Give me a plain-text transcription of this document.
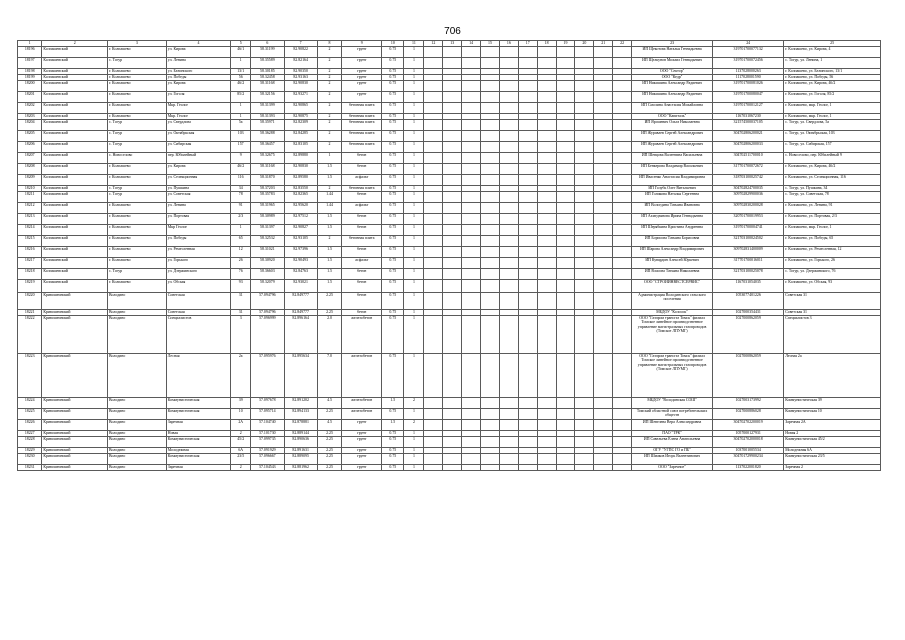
706
1	2	3	4	5	6	7	8	9	10	11	12	13	14	15	16	17	18	19	20	21	22	23	24	25
18196	Колпашевский	г. Колпашево	ул. Кирова	46/1	58.31199	82.90822	2	грунт	0.75	1												ИП Щекотова Наталья Геннадьевна	319701700077132	г. Колпашево, ул. Кирова, 4
18197	Колпашевский	с. Тогур	ул. Ленина	1	58.35589	82.82164	2	грунт	0.75	1												ИП Щелкунов Михаил Геннадьевич	319701700072456	с. Тогур, ул. Ленина, 1
18198	Колпашевский	г. Колпашево	ул. Белинского	13/1	58.30185	82.90350	2	грунт	0.75	1												ООО "Сектор"	1137028000263	г. Колпашево, ул. Белинского, 13/1
18199	Колпашевский	г. Колпашево	ул. Победы	56	58.32458	82.93163	2	грунт	0.75	1												ООО "Кедр"	1117028001590	г. Колпашево, ул. Победы, 56
18200	Колпашевский	г. Колпашево	ул. Кирова	46/2	58.31168	82.90830	2	грунт	0.75	1												ИП Никишина Александр Радиевич	319701700081026	г. Колпашево, ул. Кирова, 46/2
18201	Колпашевский	г. Колпашево	ул. Гоголя	85/2	58.32156	82.93271	2	грунт	0.75	1												ИП Никишина Александр Радиевич	319701700080047	г. Колпашево, ул. Гоголя, 85/2
18202	Колпашевский	г. Колпашево	Мкр. Геолог	1	58.31399	82.90865	2	бетонная плита	0.75	1												ИП Смолина Анастасия Михайловна	319701700012127	г. Колпашево, мкр. Геолог, 1
18203	Колпашевский	г. Колпашево	Мкр. Геолог	1	58.31393	82.90875	2	бетонная плита	0.75	1												ООО "Капиталь"	1167031067230	г. Колпашево, мкр. Геолог, 1
18204	Колпашевский	с. Тогур	ул. Свердлова	5а	58.35971	82.82309	2	бетонная плита	0.75	1												ИП Ярошевич Ольга Николаевна	321574500037105	с. Тогур, ул. Свердлова, 5а
18205	Колпашевский	с. Тогур	ул. Октябрьская	103	58.36288	82.84285	2	бетонная плита	0.75	1												ИП Журавлев Сергей Александрович	304702806200021	с. Тогур, ул. Октябрьская, 103
18206	Колпашевский	с. Тогур	ул. Сибирская	157	58.36457	82.83105	2	бетонная плита	0.75	1												ИП Журавлев Сергей Александрович	304702806200033	с. Тогур, ул. Сибирская, 157
18207	Колпашевский	с. Новоселово	пер. Юбилейный	9	58.32675	82.89880	1	бетон	0.75	1												ИП Шевцова Валентина Васильевна	304702511700010	с. Новоселово, пер. Юбилейный 9
18208	Колпашевский	г. Колпашево	ул. Кирова	46/2	58.31168	82.90830	1.5	бетон	0.75	1												ИП Бенкерова Владимир Васильевич	317701700072672	г. Колпашево, ул. Кирова, 46/2
18209	Колпашевский	г. Колпашево	ул. Селекционная	116	58.31870	82.89580	1.5	асфальт	0.75	1												ИП Ивасенко Анастасия Владимировна	318703100025742	г. Колпашево, ул. Селекционная, 116
18210	Колпашевский	с. Тогур	ул. Пушкина	34	58.37203	82.83550	2	бетонная плита	0.75	1												ИП Голубь Олег Витальевич	304702824700035	с. Тогур, ул. Пушкина, 34
18211	Колпашевский	с. Тогур	ул. Советская	78	58.35783	82.82365	1.44	бетон	0.75	1												ИП Голикова Наталья Сергеевна	309702829900036	с. Тогур, ул. Советская, 78
18212	Колпашевский	г. Колпашево	ул. Ленина	91	58.31965	82.95620	1.44	асфальт	0.75	1												ИП Вологдина Татьяна Ивановна	309702830200028	г. Колпашево, ул. Ленина, 91
18213	Колпашевский	г. Колпашево	ул. Портовая	2/3	58.30989	82.97512	1.5	бетон	0.75	1												ИП Ахмедзянова Ирина Геннадьевна	320701700019953	г. Колпашево, ул. Портовая, 2/3
18214	Колпашевский	г. Колпашево	Мкр Геолог	1	58.31397	82.90827	1.5	бетон	0.75	1												ИП Шерябкина Кристина Андреевна	319701700004741	г. Колпашево, мкр. Геолог, 1
18215	Колпашевский	г. Колпашево	ул. Победы	65	58.32532	82.93105	2	бетонная плита	0.75	1												ИП Борисова Татьяна Борисовна	321703100024502	г. Колпашево, ул. Победы, 65
18216	Колпашевский	г. Колпашево	ул. Ремесленная	12	58.31021	82.97396	1.5	бетон	0.75	1												ИП Шарова Александр Владимирович	309702831400009	г. Колпашево, ул. Ремесленная, 12
18217	Колпашевский	г. Колпашево	ул. Горького	26	58.30920	82.90493	1.5	асфальт	0.75	1												ИП Кувардин Алексей Юрьевич	317701700016011	г. Колпашево, ул. Горького, 26
18218	Колпашевский	с. Тогур	ул. Дзержинского	76	58.36603	82.84763	1.5	бетон	0.75	1												ИП Власова Татьяна Николаевна	321703100025078	с. Тогур, ул. Дзержинского, 76
18219	Колпашевский	г. Колпашево	ул. Обская	93	58.32079	82.93021	1.5	бетон	0.75	1												ООО "СТРОЙИНВЕСТСЕРВИС"	1167031054035	г. Колпашево, ул. Обская, 93
18220	Кривошеинский	Володино	Советская	31	57.094796	82.849777	2.25	бетон	0.75	1												Администрация Володинского сельского поселения	1053077401226	Советская 31
18221	Кривошеинский	Володино	Советская	31	57.094796	82.849777	2.25	бетон	0.75	1												МБДОУ "Колосок"	1027000354431	Советская 31
18222	Кривошеинский	Володино	Специалистов	3	57.096999	82.896164	2.0	железобетон	0.75	1												ООО "Газпром трансгаз Томск" филиал Томское линейное производственное управление магистральных газопроводов (Томское ЛПУМГ)	1027000862059	Специалистов 3
18223	Кривошеинский	Володино	Лесная	2а	57.095976	82.895634	7.0	железобетон	0.75	1												ООО "Газпром трансгаз Томск" филиал Томское линейное производственное управление магистральных газопроводов (Томское ЛПУМГ)	1027000862059	Лесная 2а
18224	Кривошеинский	Володино	Коммунистическая	39	57.097678	82.891202	4.5	железобетон	1.5	2												МБДОУ "Володинская СОШ"	1027003173992	Коммунистическая 39
18225	Кривошеинский	Володино	Коммунистическая	10	57.095714	82.894133	2.25	железобетон	0.75	1												Томский областной союз потребительских обществ	1027000886028	Коммунистическая 10
18226	Кривошеинский	Володино	Заречная	2А	57.104740	82.878881	4.5	грунт	1.5	2												ИП Шевелева Вера Александровна	304702702200019	Заречная 2А
18227	Кривошеинский	Володино	Новая	2	57.101730	82.889144	2.25	грунт	0.75	1												ПАО "ТРК"	1057000127931	Новая 2
18228	Кривошеинский	Володино	Коммунистическая	45/2	57.099735	82.890636	2.25	грунт	0.75	1												ИП Савельева Елена Анатольевна	304702702000018	Коммунистическая 45/2
18229	Кривошеинский	Володино	Молодежная	6А	57.091929	82.891631	2.25	грунт	0.75	1												ОГУ "УГПС ГО и ПБ"	1037001005534	Молодежная 6А
18230	Кривошеинский	Володино	Коммунистическая	23/5	57.096667	82.889095	2.25	грунт	0.75	1												ИП Шмаков Игорь Валентинович	304701729900234	Коммунистическая 23/5
18231	Кривошеинский	Володино	Заречная	2	57.104543	82.881962	2.25	грунт	0.75	1												ООО "Заречное"	1137022001820	Заречная 2
